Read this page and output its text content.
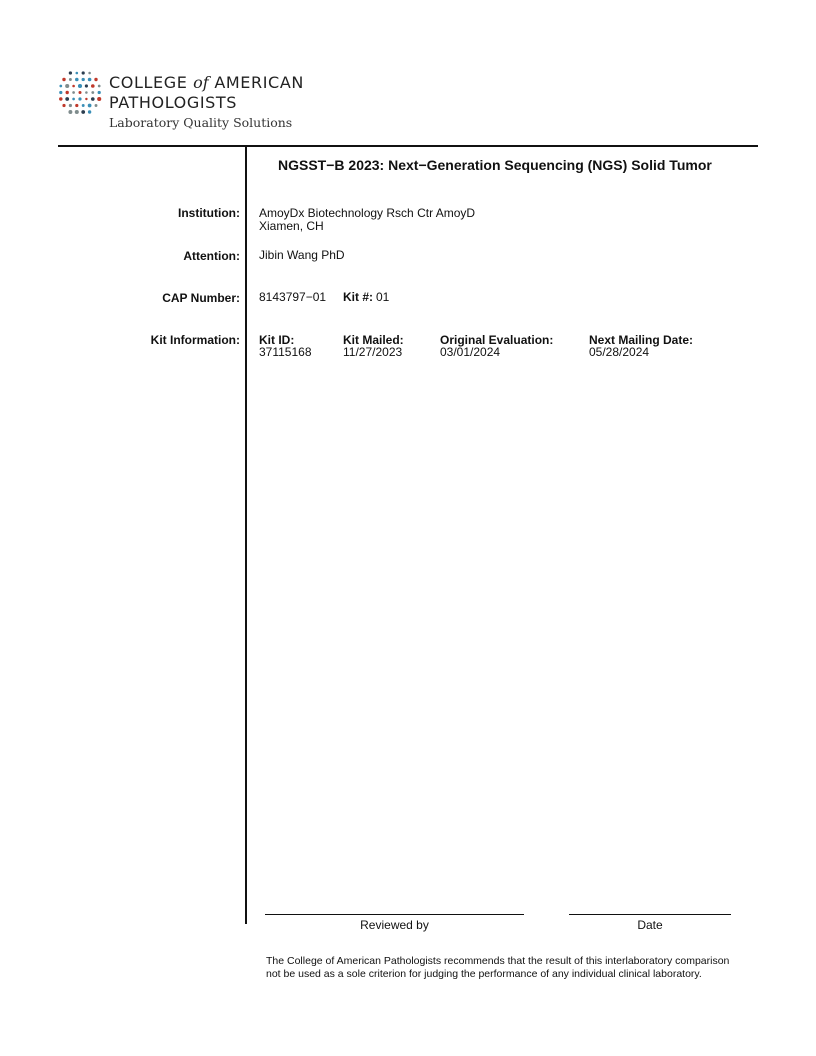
COLLEGE of AMERICAN
PATHOLOGISTS
Laboratory Quality Solutions
NGSST−B 2023: Next−Generation Sequencing (NGS) Solid Tumor
Institution: AmoyDx Biotechnology Rsch Ctr AmoyD
Xiamen, CH
Attention: Jibin Wang PhD
CAP Number: 8143797−01 Kit #: 01
Kit Information: Kit ID:
37115168
Kit Mailed:
11/27/2023
Original Evaluation:
03/01/2024
Next Mailing Date:
05/28/2024
Reviewed by	Date
The College of American Pathologists recommends that the result of this interlaboratory comparison
not be used as a sole criterion for judging the performance of any individual clinical laboratory.
